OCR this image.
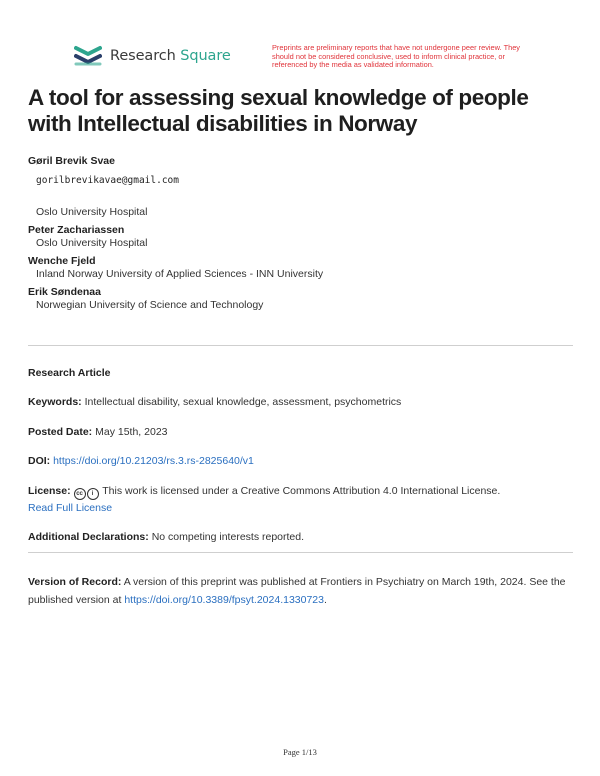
Research Square
Preprints are preliminary reports that have not undergone peer review. They should not be considered conclusive, used to inform clinical practice, or referenced by the media as validated information.
A tool for assessing sexual knowledge of people with Intellectual disabilities in Norway
Gøril Brevik Svae
gorilbrevikavae@gmail.com
Oslo University Hospital
Peter Zachariassen
Oslo University Hospital
Wenche Fjeld
Inland Norway University of Applied Sciences - INN University
Erik Søndenaa
Norwegian University of Science and Technology
Research Article
Keywords: Intellectual disability, sexual knowledge, assessment, psychometrics
Posted Date: May 15th, 2023
DOI: https://doi.org/10.21203/rs.3.rs-2825640/v1
License: cc i This work is licensed under a Creative Commons Attribution 4.0 International License.
Read Full License
Additional Declarations: No competing interests reported.
Version of Record: A version of this preprint was published at Frontiers in Psychiatry on March 19th, 2024. See the published version at https://doi.org/10.3389/fpsyt.2024.1330723.
Page 1/13
